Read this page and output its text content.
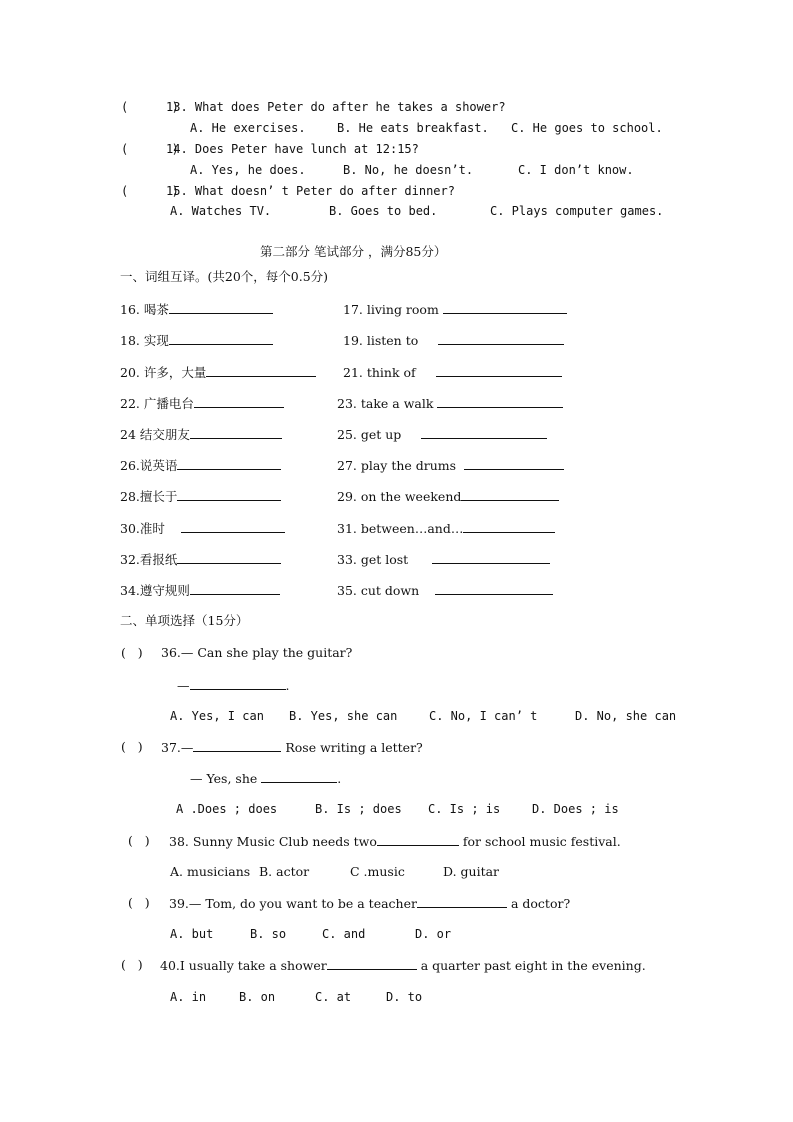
(      )
13. What does Peter do after he takes a shower?
A. He exercises.	B. He eats breakfast. C. He goes to school.
(      )
14. Does Peter have lunch at 12:15?
A. Yes, he does.	B. No, he doesn’t.	C. I don’t know.
(      )
15. What doesn’ t Peter do after dinner?
A. Watches TV.	B. Goes to bed.	C. Plays computer games.
第二部分 笔试部分 ，满分85分）
一、词组互译。(共20个，每个0.5分)
16. 喝茶	17. living room
18. 实现	19. listen to
20. 许多，大量	21. think of
22. 广播电台	23. take a walk
24 结交朋友	25. get up
26.说英语	27. play the drums
28.擅长于	29. on the weekend
30.准时	31. between…and…
32.看报纸	33. get lost
34.遵守规则	35. cut down
二、单项选择（15分）
(   ) 36.— Can she play the guitar?
—	.
A. Yes, I can B. Yes, she can	C. No, I can’ t	D. No, she can
(   ) 37.—	Rose writing a letter?
— Yes, she	.
A .Does ; does	B. Is ; does C. Is ; is	D. Does ; is
(   ) 38. Sunny Music Club needs two	for school music festival.
A. musicians B. actor	C .music	D. guitar
(   ) 39.— Tom, do you want to be a teacher	a doctor?
A. but	B. so	C. and	D. or
(   ) 40.I usually take a shower	a quarter past eight in the evening.
A. in	B. on	C. at	D. to
